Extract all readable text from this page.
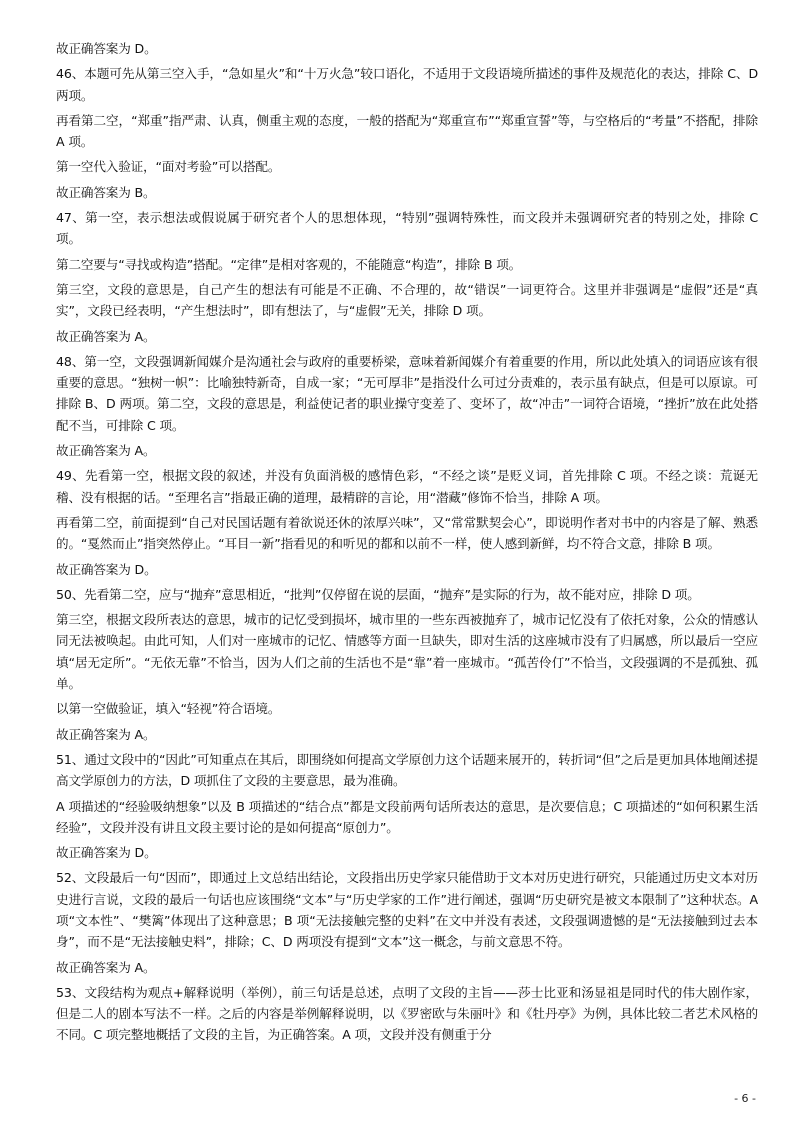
故正确答案为 D。

46、本题可先从第三空入手，“急如星火”和“十万火急”较口语化，不适用于文段语境所描述的事件及规范化的表达，排除 C、D 两项。

再看第二空，“郑重”指严肃、认真，侧重主观的态度，一般的搭配为“郑重宣布”“郑重宣誓”等，与空格后的“考量”不搭配，排除 A 项。

第一空代入验证，“面对考验”可以搭配。

故正确答案为 B。

47、第一空，表示想法或假说属于研究者个人的思想体现，“特别”强调特殊性，而文段并未强调研究者的特别之处，排除 C 项。

第二空要与“寻找或构造”搭配。“定律”是相对客观的，不能随意“构造”，排除 B 项。

第三空，文段的意思是，自己产生的想法有可能是不正确、不合理的，故“错误”一词更符合。这里并非强调是“虚假”还是“真实”，文段已经表明，“产生想法时”，即有想法了，与“虚假”无关，排除 D 项。

故正确答案为 A。

48、第一空，文段强调新闻媒介是沟通社会与政府的重要桥梁，意味着新闻媒介有着重要的作用，所以此处填入的词语应该有很重要的意思。“独树一帜”：比喻独特新奇，自成一家；“无可厚非”是指没什么可过分责难的，表示虽有缺点，但是可以原谅。可排除 B、D 两项。第二空，文段的意思是，利益使记者的职业操守变差了、变坏了，故“冲击”一词符合语境，“挫折”放在此处搭配不当，可排除 C 项。

故正确答案为 A。

49、先看第一空，根据文段的叙述，并没有负面消极的感情色彩，“不经之谈”是贬义词，首先排除 C 项。不经之谈：荒诞无稽、没有根据的话。“至理名言”指最正确的道理，最精辟的言论，用“潜藏”修饰不恰当，排除 A 项。

再看第二空，前面提到“自己对民国话题有着欲说还休的浓厚兴味”，又“常常默契会心”，即说明作者对书中的内容是了解、熟悉的。“戛然而止”指突然停止。“耳目一新”指看见的和听见的都和以前不一样，使人感到新鲜，均不符合文意，排除 B 项。

故正确答案为 D。

50、先看第二空，应与“抛弃”意思相近，“批判”仅停留在说的层面，“抛弃”是实际的行为，故不能对应，排除 D 项。

第三空，根据文段所表达的意思，城市的记忆受到损坏，城市里的一些东西被抛弃了，城市记忆没有了依托对象，公众的情感认同无法被唤起。由此可知，人们对一座城市的记忆、情感等方面一旦缺失，即对生活的这座城市没有了归属感，所以最后一空应填“居无定所”。“无依无靠”不恰当，因为人们之前的生活也不是“靠”着一座城市。“孤苦伶仃”不恰当，文段强调的不是孤独、孤单。

以第一空做验证，填入“轻视”符合语境。

故正确答案为 A。

51、通过文段中的“因此”可知重点在其后，即围绕如何提高文学原创力这个话题来展开的，转折词“但”之后是更加具体地阐述提高文学原创力的方法，D 项抓住了文段的主要意思，最为准确。

A 项描述的“经验吸纳想象”以及 B 项描述的“结合点”都是文段前两句话所表达的意思，是次要信息；C 项描述的“如何积累生活经验”，文段并没有讲且文段主要讨论的是如何提高“原创力”。

故正确答案为 D。

52、文段最后一句“因而”，即通过上文总结出结论，文段指出历史学家只能借助于文本对历史进行研究，只能通过历史文本对历史进行言说，文段的最后一句话也应该围绕“文本”与“历史学家的工作”进行阐述，强调“历史研究是被文本限制了”这种状态。A 项“文本性”、“樊篱”体现出了这种意思；B 项“无法接触完整的史料”在文中并没有表述，文段强调遗憾的是“无法接触到过去本身”，而不是“无法接触史料”，排除；C、D 两项没有提到“文本”这一概念，与前文意思不符。

故正确答案为 A。

53、文段结构为观点+解释说明（举例），前三句话是总述，点明了文段的主旨——莎士比亚和汤显祖是同时代的伟大剧作家，但是二人的剧本写法不一样。之后的内容是举例解释说明，以《罗密欧与朱丽叶》和《牡丹亭》为例，具体比较二者艺术风格的不同。C 项完整地概括了文段的主旨，为正确答案。A 项，文段并没有侧重于分

- 6 -
